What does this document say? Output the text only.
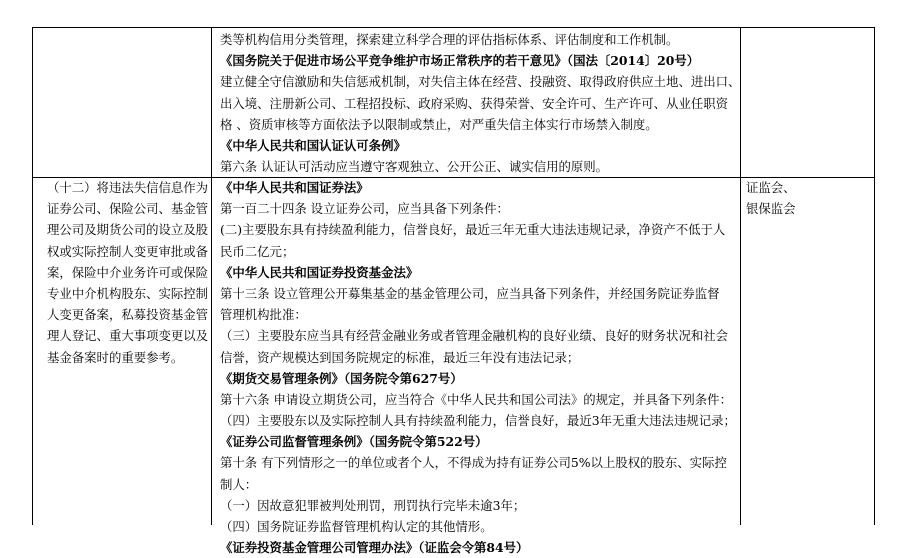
类等机构信用分类管理，探索建立科学合理的评估指标体系、评估制度和工作机制。
《国务院关于促进市场公平竞争维护市场正常秩序的若干意见》（国法〔2014〕20号）
建立健全守信激励和失信惩戒机制，对失信主体在经营、投融资、取得政府供应土地、进出口、
出入境、注册新公司、工程招投标、政府采购、获得荣誉、安全许可、生产许可、从业任职资
格 、资质审核等方面依法予以限制或禁止，对严重失信主体实行市场禁入制度。
《中华人民共和国认证认可条例》
第六条 认证认可活动应当遵守客观独立、公开公正、诚实信用的原则。
（十二）将违法失信信息作为
证券公司、保险公司、基金管
理公司及期货公司的设立及股
权或实际控制人变更审批或备
案，保险中介业务许可或保险
专业中介机构股东、实际控制
人变更备案，私募投资基金管
理人登记、重大事项变更以及
基金备案时的重要参考。
《中华人民共和国证券法》
第一百二十四条 设立证券公司，应当具备下列条件：
(二)主要股东具有持续盈利能力，信誉良好，最近三年无重大违法违规记录，净资产不低于人
民币二亿元；
《中华人民共和国证券投资基金法》
第十三条 设立管理公开募集基金的基金管理公司，应当具备下列条件，并经国务院证券监督
管理机构批准：
（三）主要股东应当具有经营金融业务或者管理金融机构的良好业绩、良好的财务状况和社会
信誉，资产规模达到国务院规定的标准，最近三年没有违法记录；
《期货交易管理条例》（国务院令第627号）
第十六条 申请设立期货公司，应当符合《中华人民共和国公司法》的规定，并具备下列条件：
（四）主要股东以及实际控制人具有持续盈利能力，信誉良好，最近3年无重大违法违规记录；
《证券公司监督管理条例》（国务院令第522号）
第十条 有下列情形之一的单位或者个人，不得成为持有证券公司5%以上股权的股东、实际控
制人：
（一）因故意犯罪被判处刑罚，刑罚执行完毕未逾3年；
（四）国务院证券监督管理机构认定的其他情形。
《证券投资基金管理公司管理办法》（证监会令第84号）
证监会、
银保监会
